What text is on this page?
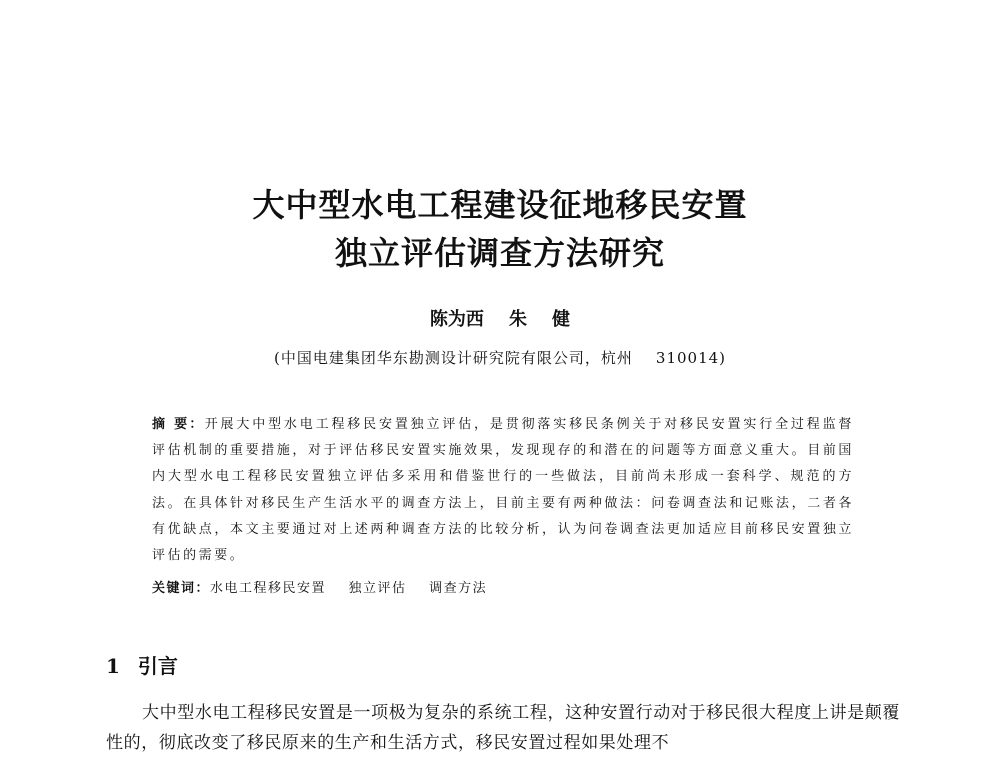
大中型水电工程建设征地移民安置
独立评估调查方法研究
陈为西    朱    健
(中国电建集团华东勘测设计研究院有限公司，杭州    310014)
摘 要：开展大中型水电工程移民安置独立评估，是贯彻落实移民条例关于对移民安置实行全过程监督评估机制的重要措施，对于评估移民安置实施效果，发现现存的和潜在的问题等方面意义重大。目前国内大型水电工程移民安置独立评估多采用和借鉴世行的一些做法，目前尚未形成一套科学、规范的方法。在具体针对移民生产生活水平的调查方法上，目前主要有两种做法：问卷调查法和记账法，二者各有优缺点，本文主要通过对上述两种调查方法的比较分析，认为问卷调查法更加适应目前移民安置独立评估的需要。
关键词：水电工程移民安置    独立评估    调查方法
1 引言

大中型水电工程移民安置是一项极为复杂的系统工程，这种安置行动对于移民很大程度上讲是颠覆性的，彻底改变了移民原来的生产和生活方式，移民安置过程如果处理不
